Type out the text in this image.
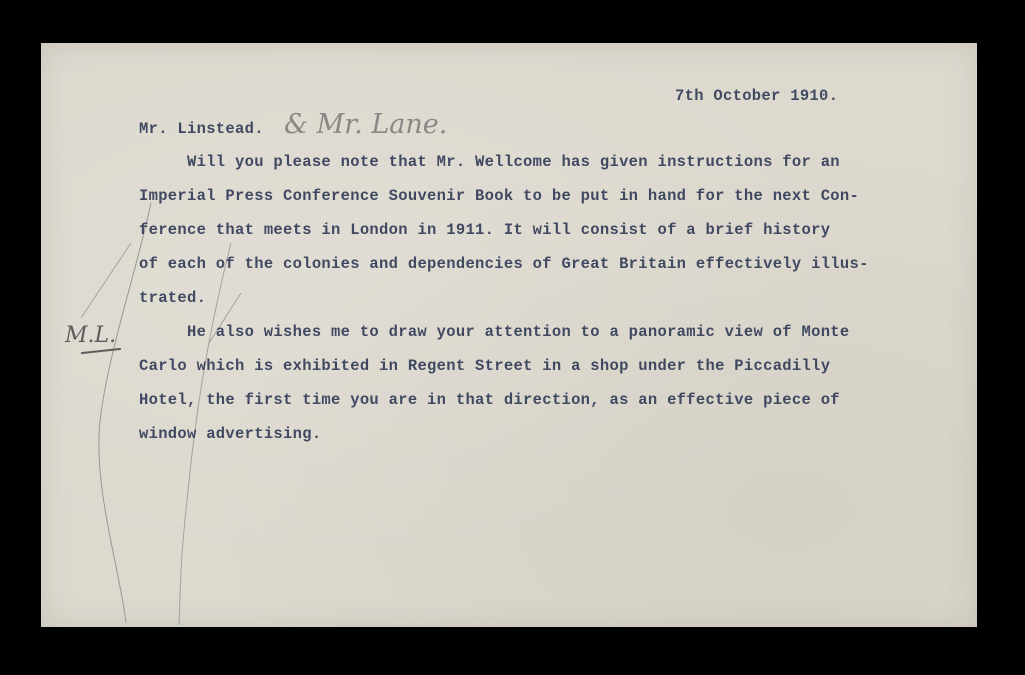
7th October 1910.
Mr. Linstead. & Mr. Lane.
Will you please note that Mr. Wellcome has given instructions for an
Imperial Press Conference Souvenir Book to be put in hand for the next Con-
ference that meets in London in 1911. It will consist of a brief history
of each of the colonies and dependencies of Great Britain effectively illus-
trated.
He also wishes me to draw your attention to a panoramic view of Monte
Carlo which is exhibited in Regent Street in a shop under the Piccadilly
Hotel, the first time you are in that direction, as an effective piece of
window advertising.
M.L.
